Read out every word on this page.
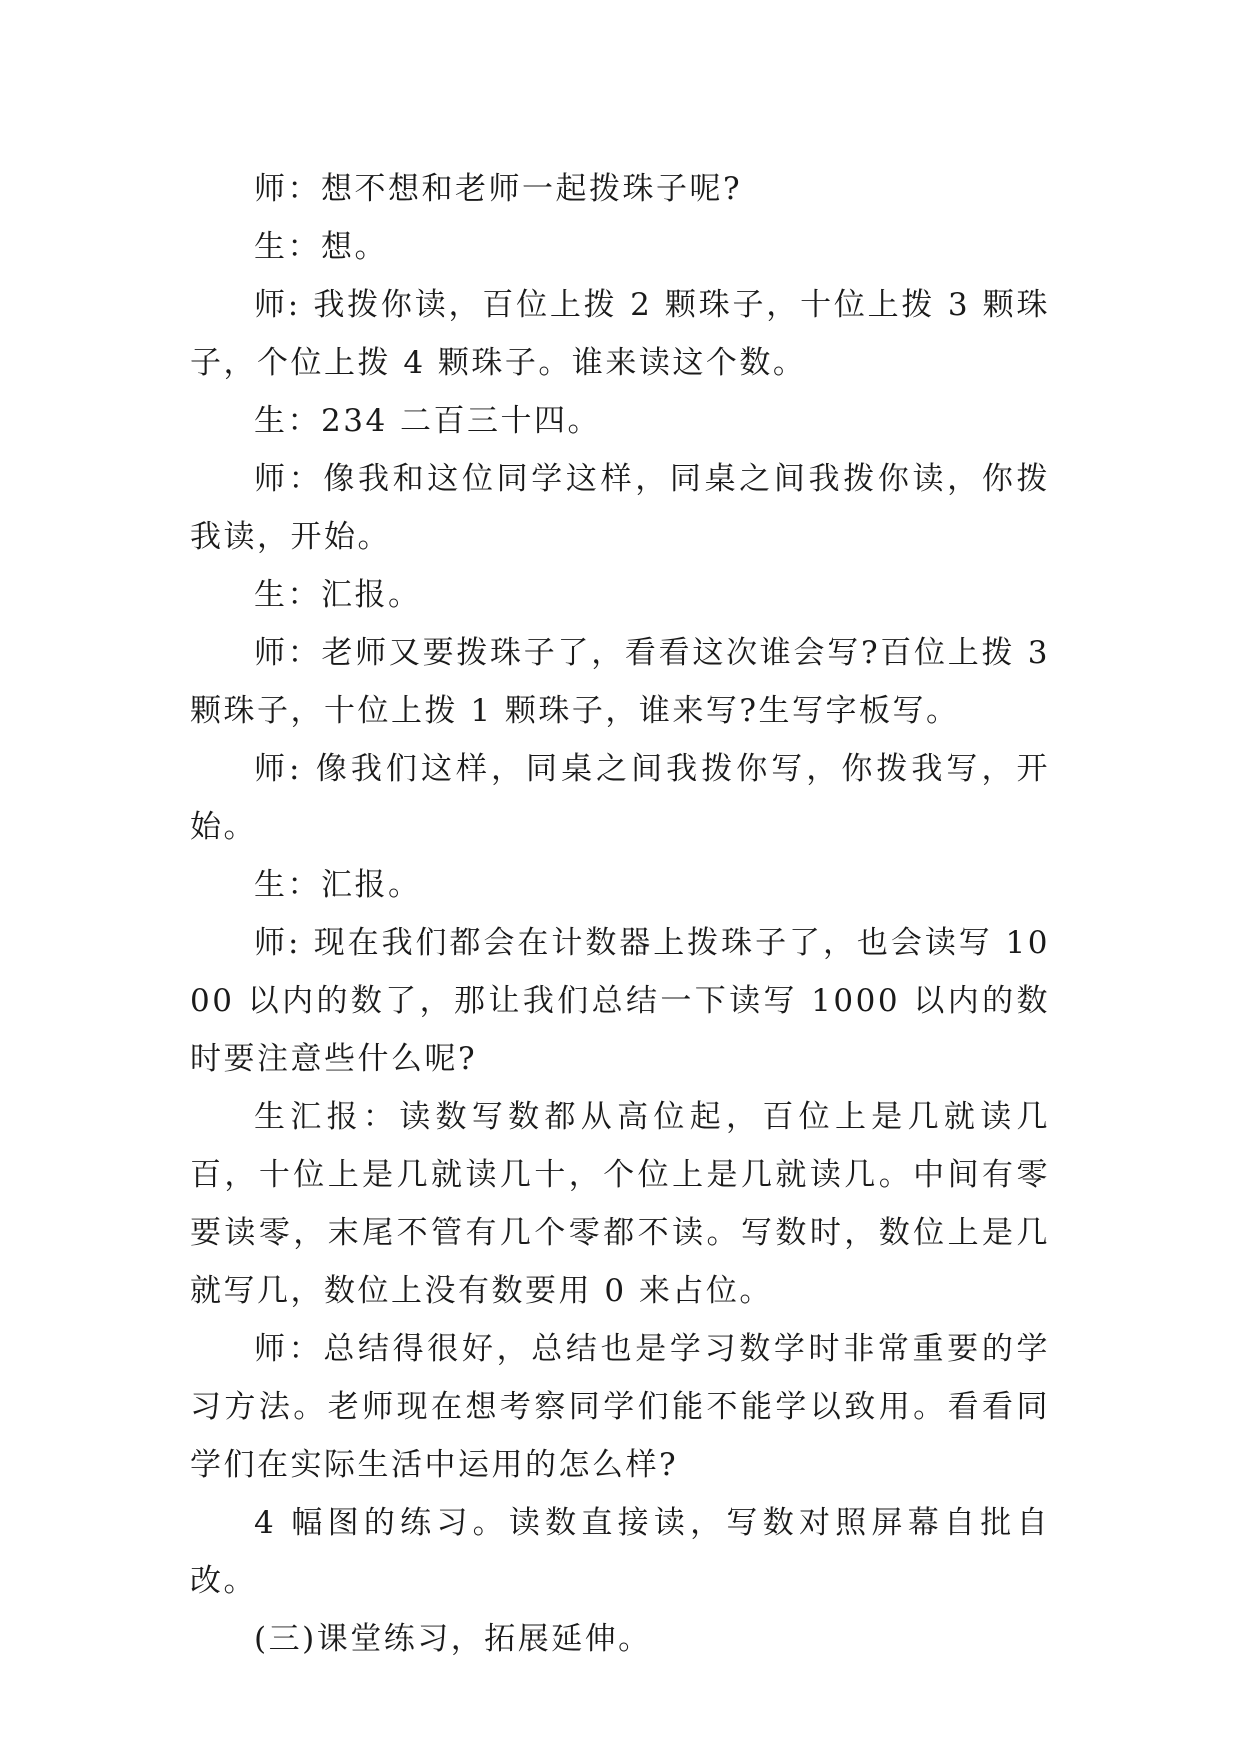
师：想不想和老师一起拨珠子呢?

生：想。

师: 我拨你读，百位上拨 2 颗珠子，十位上拨 3 颗珠子，个位上拨 4 颗珠子。谁来读这个数。

生：234 二百三十四。

师：像我和这位同学这样，同桌之间我拨你读，你拨我读，开始。

生：汇报。

师：老师又要拨珠子了，看看这次谁会写?百位上拨 3 颗珠子，十位上拨 1 颗珠子，谁来写?生写字板写。

师: 像我们这样，同桌之间我拨你写，你拨我写，开始。

生：汇报。

师: 现在我们都会在计数器上拨珠子了，也会读写 1000 以内的数了，那让我们总结一下读写 1000 以内的数时要注意些什么呢?

生汇报：读数写数都从高位起，百位上是几就读几百，十位上是几就读几十，个位上是几就读几。中间有零要读零，末尾不管有几个零都不读。写数时，数位上是几就写几，数位上没有数要用 0 来占位。

师：总结得很好，总结也是学习数学时非常重要的学习方法。老师现在想考察同学们能不能学以致用。看看同学们在实际生活中运用的怎么样?

4 幅图的练习。读数直接读，写数对照屏幕自批自改。

(三)课堂练习，拓展延伸。
